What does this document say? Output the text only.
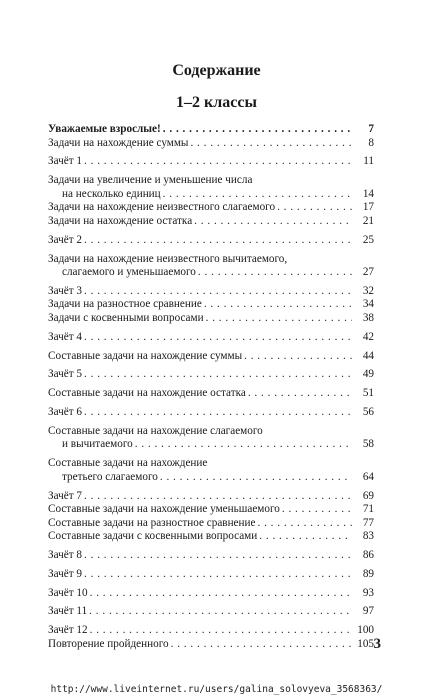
Содержание
1–2 классы
Уважаемые взрослые! . . .	7
Задачи на нахождение суммы . . .	8
Зачёт 1 . . .	11
Задачи на увеличение и уменьшение числа
на несколько единиц . . .	14
Задачи на нахождение неизвестного слагаемого . . .	17
Задачи на нахождение остатка . . .	21
Зачёт 2 . . .	25
Задачи на нахождение неизвестного вычитаемого,
слагаемого и уменьшаемого . . .	27
Зачёт 3 . . .	32
Задачи на разностное сравнение . . .	34
Задачи с косвенными вопросами . . .	38
Зачёт 4 . . .	42
Составные задачи на нахождение суммы . . .	44
Зачёт 5 . . .	49
Составные задачи на нахождение остатка . . .	51
Зачёт 6 . . .	56
Составные задачи на нахождение слагаемого
и вычитаемого . . .	58
Составные задачи на нахождение
третьего слагаемого . . .	64
Зачёт 7 . . .	69
Составные задачи на нахождение уменьшаемого . . .	71
Составные задачи на разностное сравнение . . .	77
Составные задачи с косвенными вопросами . . .	83
Зачёт 8 . . .	86
Зачёт 9 . . .	89
Зачёт 10 . . .	93
Зачёт 11 . . .	97
Зачёт 12 . . .	100
Повторение пройденного . . .	105 3
http://www.liveinternet.ru/users/galina_solovyeva_3568363/
